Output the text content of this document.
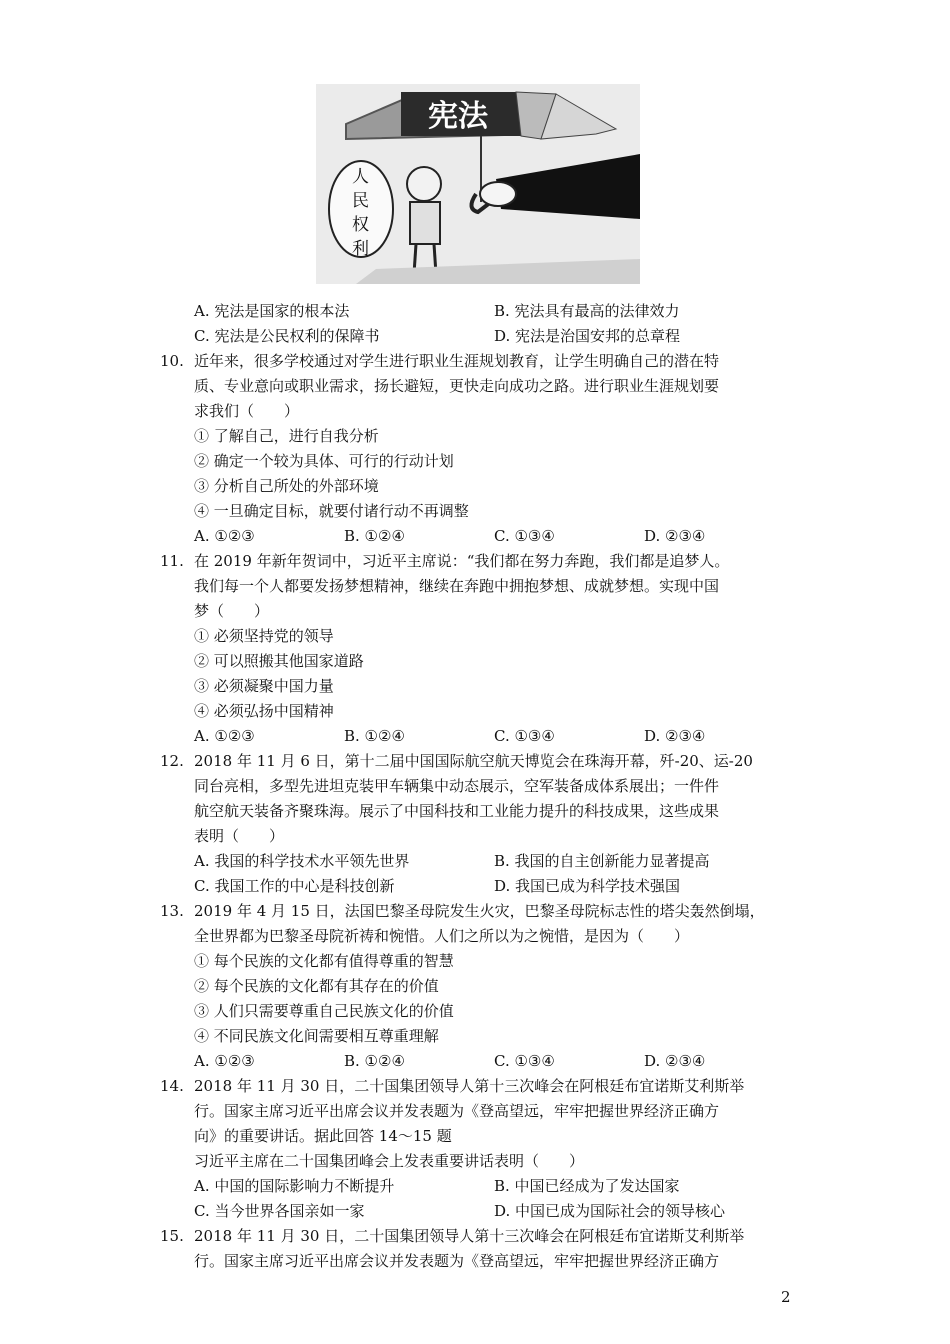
宪法
人
民
权
利
A. 宪法是国家的根本法	B. 宪法具有最高的法律效力
C. 宪法是公民权利的保障书	D. 宪法是治国安邦的总章程
10. 近年来，很多学校通过对学生进行职业生涯规划教育，让学生明确自己的潜在特
质、专业意向或职业需求，扬长避短，更快走向成功之路。进行职业生涯规划要
求我们（　　）
① 了解自己，进行自我分析
② 确定一个较为具体、可行的行动计划
③ 分析自己所处的外部环境
④ 一旦确定目标，就要付诸行动不再调整
A. ①②③	B. ①②④	C. ①③④	D. ②③④
11. 在 2019 年新年贺词中，习近平主席说：“我们都在努力奔跑，我们都是追梦人。
我们每一个人都要发扬梦想精神，继续在奔跑中拥抱梦想、成就梦想。实现中国
梦（　　）
① 必须坚持党的领导
② 可以照搬其他国家道路
③ 必须凝聚中国力量
④ 必须弘扬中国精神
A. ①②③	B. ①②④	C. ①③④	D. ②③④
12. 2018 年 11 月 6 日，第十二届中国国际航空航天博览会在珠海开幕，歼-20、运-20
同台亮相，多型先进坦克装甲车辆集中动态展示，空军装备成体系展出；一件件
航空航天装备齐聚珠海。展示了中国科技和工业能力提升的科技成果，这些成果
表明（　　）
A. 我国的科学技术水平领先世界	B. 我国的自主创新能力显著提高
C. 我国工作的中心是科技创新	D. 我国已成为科学技术强国
13. 2019 年 4 月 15 日，法国巴黎圣母院发生火灾，巴黎圣母院标志性的塔尖轰然倒塌，
全世界都为巴黎圣母院祈祷和惋惜。人们之所以为之惋惜，是因为（　　）
① 每个民族的文化都有值得尊重的智慧
② 每个民族的文化都有其存在的价值
③ 人们只需要尊重自己民族文化的价值
④ 不同民族文化间需要相互尊重理解
A. ①②③	B. ①②④	C. ①③④	D. ②③④
14. 2018 年 11 月 30 日，二十国集团领导人第十三次峰会在阿根廷布宜诺斯艾利斯举
行。国家主席习近平出席会议并发表题为《登高望远，牢牢把握世界经济正确方
向》的重要讲话。据此回答 14～15 题
习近平主席在二十国集团峰会上发表重要讲话表明（　　）
A. 中国的国际影响力不断提升	B. 中国已经成为了发达国家
C. 当今世界各国亲如一家	D. 中国已成为国际社会的领导核心
15. 2018 年 11 月 30 日，二十国集团领导人第十三次峰会在阿根廷布宜诺斯艾利斯举
行。国家主席习近平出席会议并发表题为《登高望远，牢牢把握世界经济正确方
2
